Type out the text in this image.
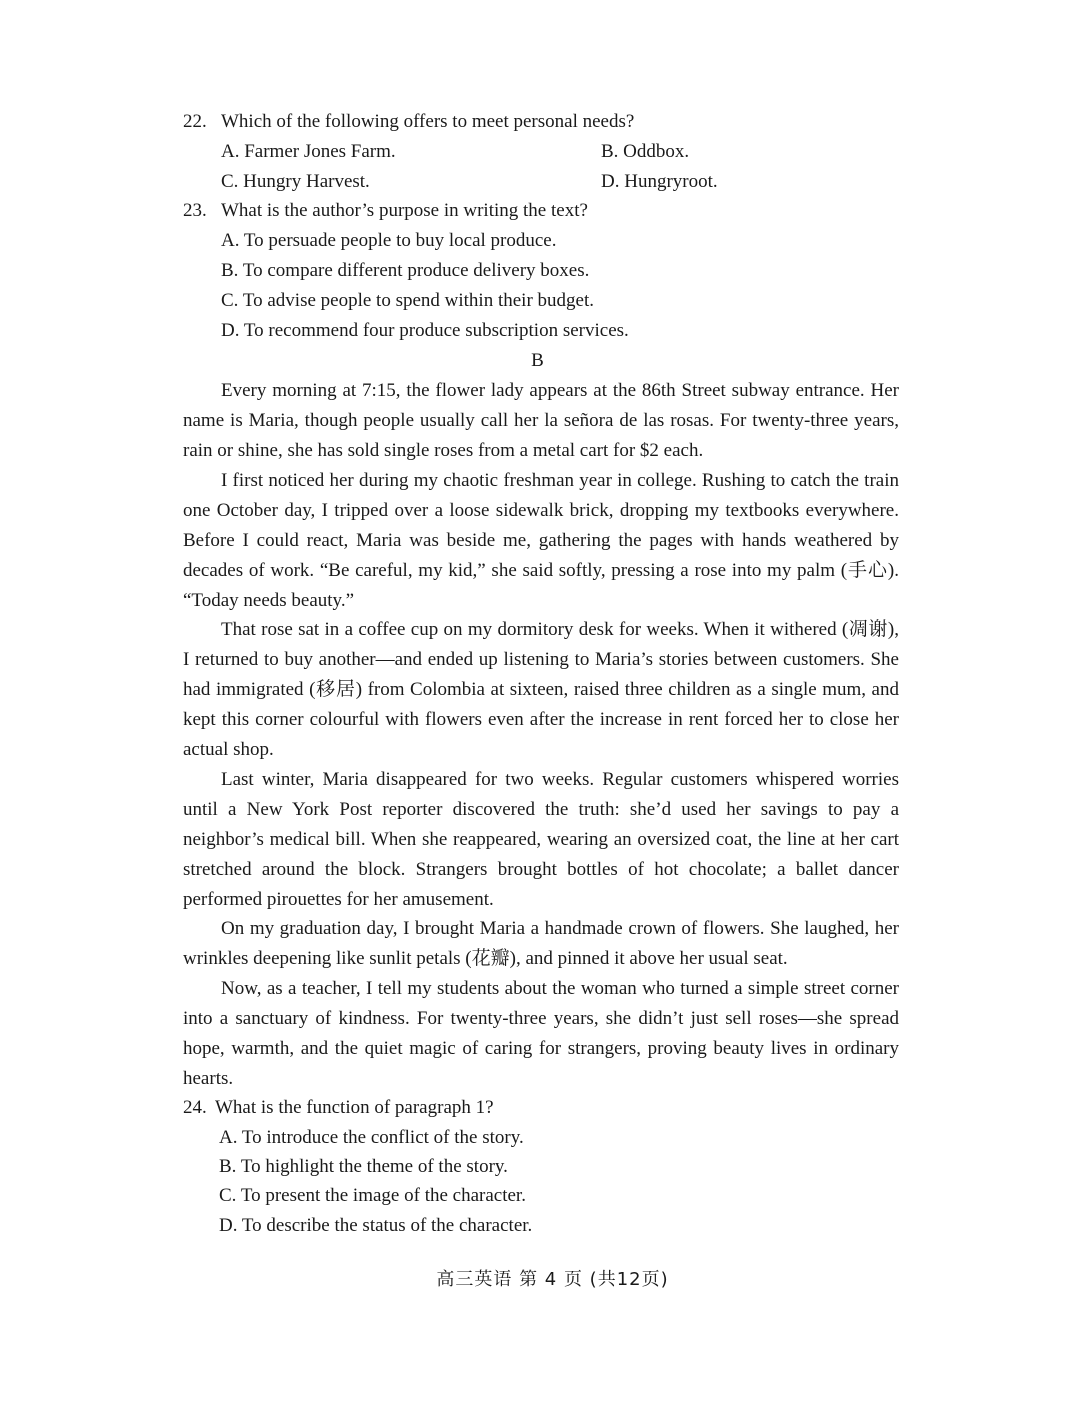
22. Which of the following offers to meet personal needs?
A. Farmer Jones Farm.	B. Oddbox.
C. Hungry Harvest.	D. Hungryroot.
23. What is the author’s purpose in writing the text?
A. To persuade people to buy local produce.
B. To compare different produce delivery boxes.
C. To advise people to spend within their budget.
D. To recommend four produce subscription services.
B

Every morning at 7:15, the flower lady appears at the 86th Street subway entrance. Her name is Maria, though people usually call her la señora de las rosas. For twenty-three years, rain or shine, she has sold single roses from a metal cart for $2 each.

I first noticed her during my chaotic freshman year in college. Rushing to catch the train one October day, I tripped over a loose sidewalk brick, dropping my textbooks everywhere. Before I could react, Maria was beside me, gathering the pages with hands weathered by decades of work. “Be careful, my kid,” she said softly, pressing a rose into my palm (手心). “Today needs beauty.”

That rose sat in a coffee cup on my dormitory desk for weeks. When it withered (凋谢), I returned to buy another—and ended up listening to Maria’s stories between customers. She had immigrated (移居) from Colombia at sixteen, raised three children as a single mum, and kept this corner colourful with flowers even after the increase in rent forced her to close her actual shop.

Last winter, Maria disappeared for two weeks. Regular customers whispered worries until a New York Post reporter discovered the truth: she’d used her savings to pay a neighbor’s medical bill. When she reappeared, wearing an oversized coat, the line at her cart stretched around the block. Strangers brought bottles of hot chocolate; a ballet dancer performed pirouettes for her amusement.

On my graduation day, I brought Maria a handmade crown of flowers. She laughed, her wrinkles deepening like sunlit petals (花瓣), and pinned it above her usual seat.

Now, as a teacher, I tell my students about the woman who turned a simple street corner into a sanctuary of kindness. For twenty-three years, she didn’t just sell roses—she spread hope, warmth, and the quiet magic of caring for strangers, proving beauty lives in ordinary hearts.

24. What is the function of paragraph 1?
A. To introduce the conflict of the story.
B. To highlight the theme of the story.
C. To present the image of the character.
D. To describe the status of the character.
高三英语 第 4 页 (共12页)
